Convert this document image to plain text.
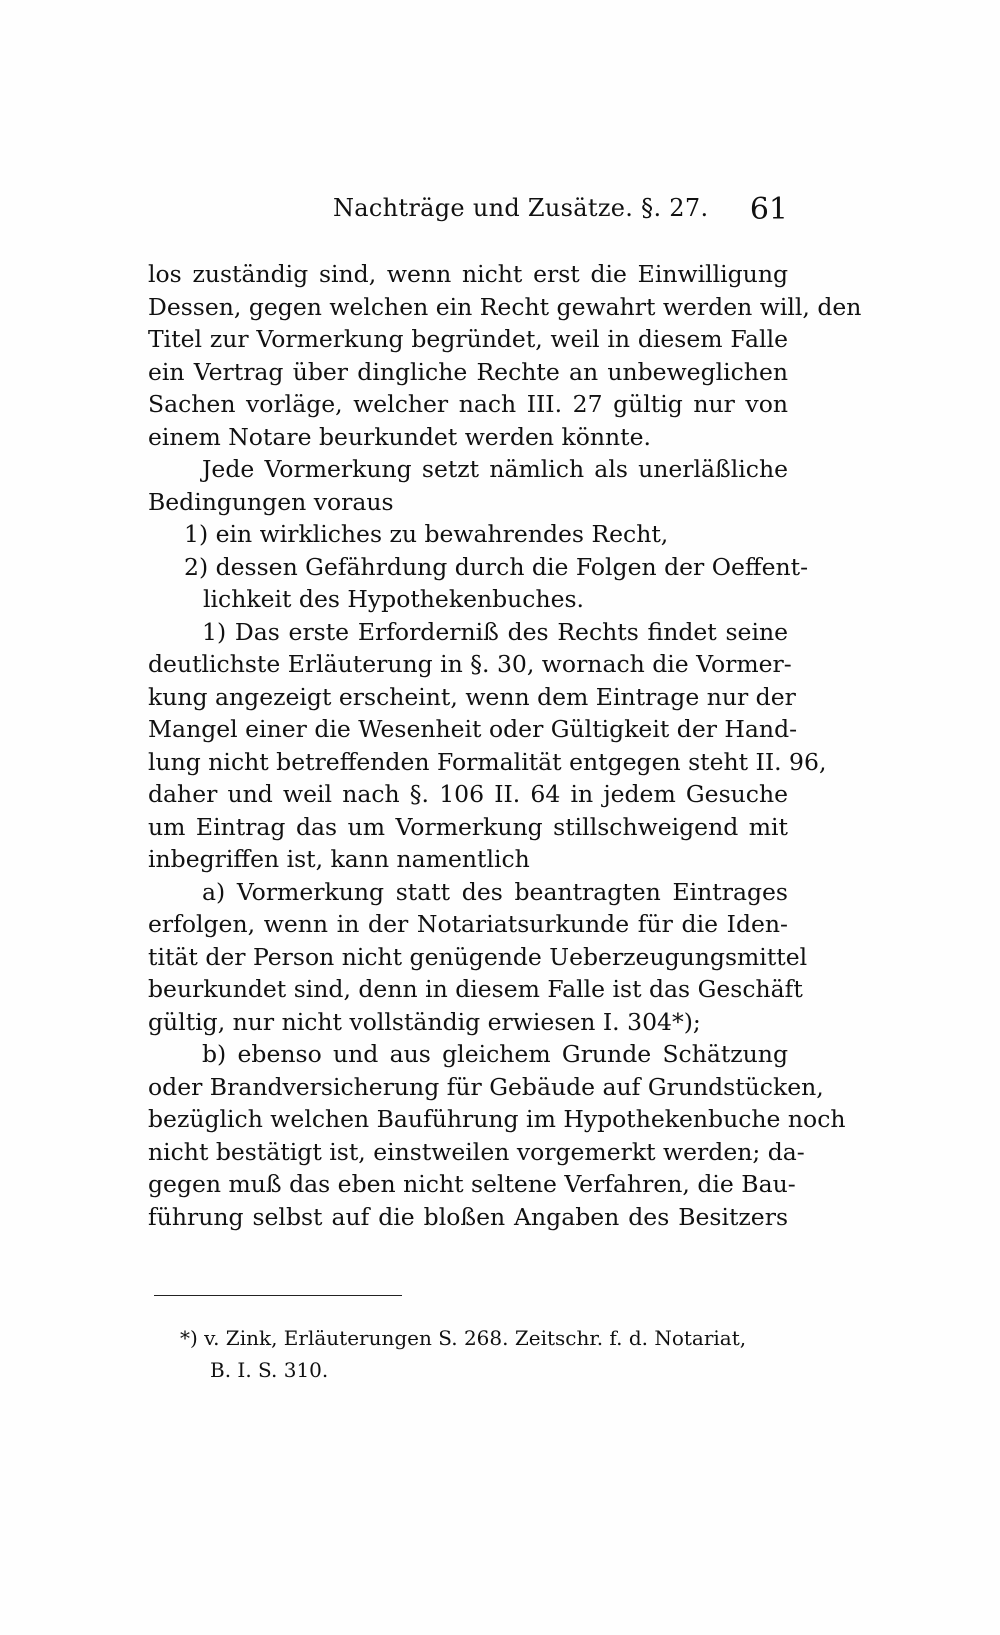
Nachträge und Zusätze. §. 27. 61
los zuständig sind, wenn nicht erst die Einwilligung
Dessen, gegen welchen ein Recht gewahrt werden will, den
Titel zur Vormerkung begründet, weil in diesem Falle
ein Vertrag über dingliche Rechte an unbeweglichen
Sachen vorläge, welcher nach III. 27 gültig nur von
einem Notare beurkundet werden könnte.
Jede Vormerkung setzt nämlich als unerläßliche
Bedingungen voraus
1) ein wirkliches zu bewahrendes Recht,
2) dessen Gefährdung durch die Folgen der Oeffent-
lichkeit des Hypothekenbuches.
1) Das erste Erforderniß des Rechts findet seine
deutlichste Erläuterung in §. 30, wornach die Vormer-
kung angezeigt erscheint, wenn dem Eintrage nur der
Mangel einer die Wesenheit oder Gültigkeit der Hand-
lung nicht betreffenden Formalität entgegen steht II. 96,
daher und weil nach §. 106 II. 64 in jedem Gesuche
um Eintrag das um Vormerkung stillschweigend mit
inbegriffen ist, kann namentlich
a) Vormerkung statt des beantragten Eintrages
erfolgen, wenn in der Notariatsurkunde für die Iden-
tität der Person nicht genügende Ueberzeugungsmittel
beurkundet sind, denn in diesem Falle ist das Geschäft
gültig, nur nicht vollständig erwiesen I. 304*);
b) ebenso und aus gleichem Grunde Schätzung
oder Brandversicherung für Gebäude auf Grundstücken,
bezüglich welchen Bauführung im Hypothekenbuche noch
nicht bestätigt ist, einstweilen vorgemerkt werden; da-
gegen muß das eben nicht seltene Verfahren, die Bau-
führung selbst auf die bloßen Angaben des Besitzers
*) v. Zink, Erläuterungen S. 268. Zeitschr. f. d. Notariat,
B. I. S. 310.
